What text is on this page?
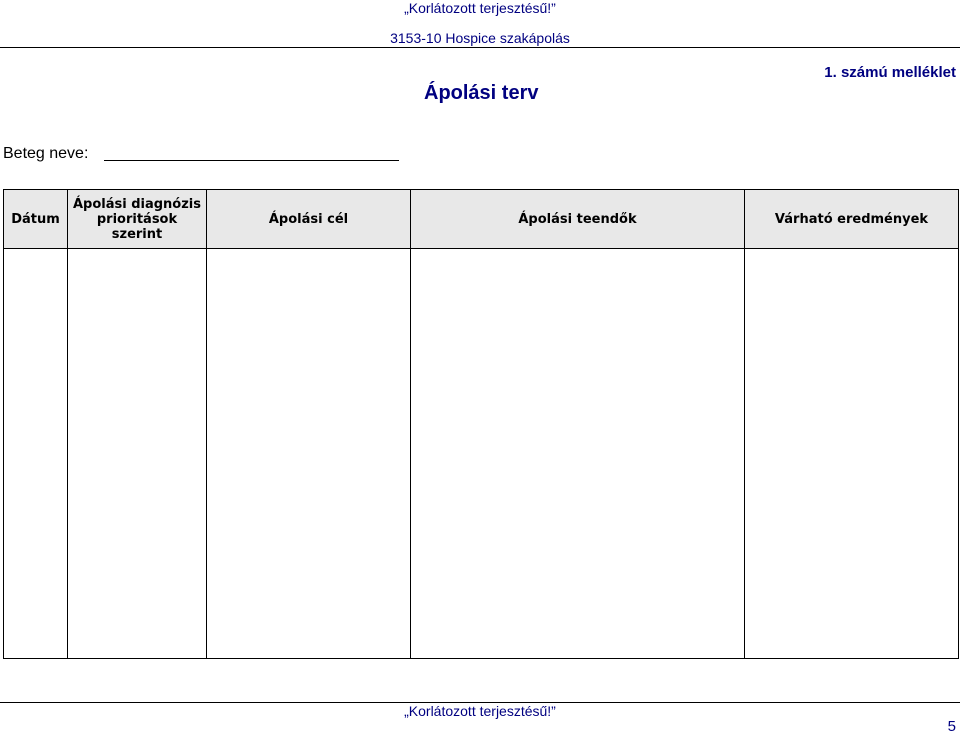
„Korlátozott terjesztésű!”
3153-10 Hospice szakápolás
Ápolási terv
1. számú melléklet
Beteg neve:
Dátum	Ápolási diagnózis prioritások szerint	Ápolási cél	Ápolási teendők	Várható eredmények

„Korlátozott terjesztésű!”
5
